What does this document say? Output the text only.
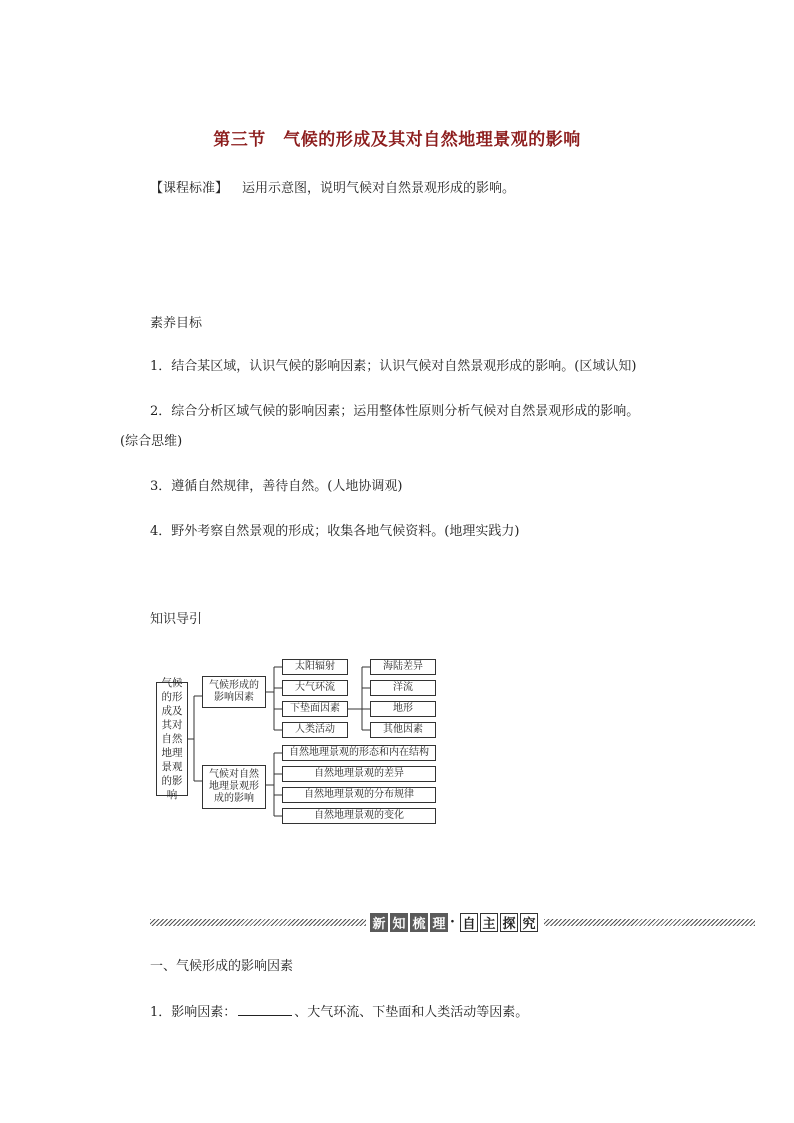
第三节　气候的形成及其对自然地理景观的影响
【课程标准】 运用示意图，说明气候对自然景观形成的影响。
素养目标
1．结合某区域，认识气候的影响因素；认识气候对自然景观形成的影响。(区域认知)
2．综合分析区域气候的影响因素；运用整体性原则分析气候对自然景观形成的影响。
(综合思维)
3．遵循自然规律，善待自然。(人地协调观)
4．野外考察自然景观的形成；收集各地气候资料。(地理实践力)
知识导引
气候的形成及其对自然地理景观的影响
气候形成的影响因素
气候对自然地理景观形成的影响
太阳辐射
大气环流
下垫面因素
人类活动
海陆差异
洋流
地形
其他因素
自然地理景观的形态和内在结构
自然地理景观的差异
自然地理景观的分布规律
自然地理景观的变化
新 知 梳 理 · 自 主 探 究
一、气候形成的影响因素
1．影响因素：	、大气环流、下垫面和人类活动等因素。
